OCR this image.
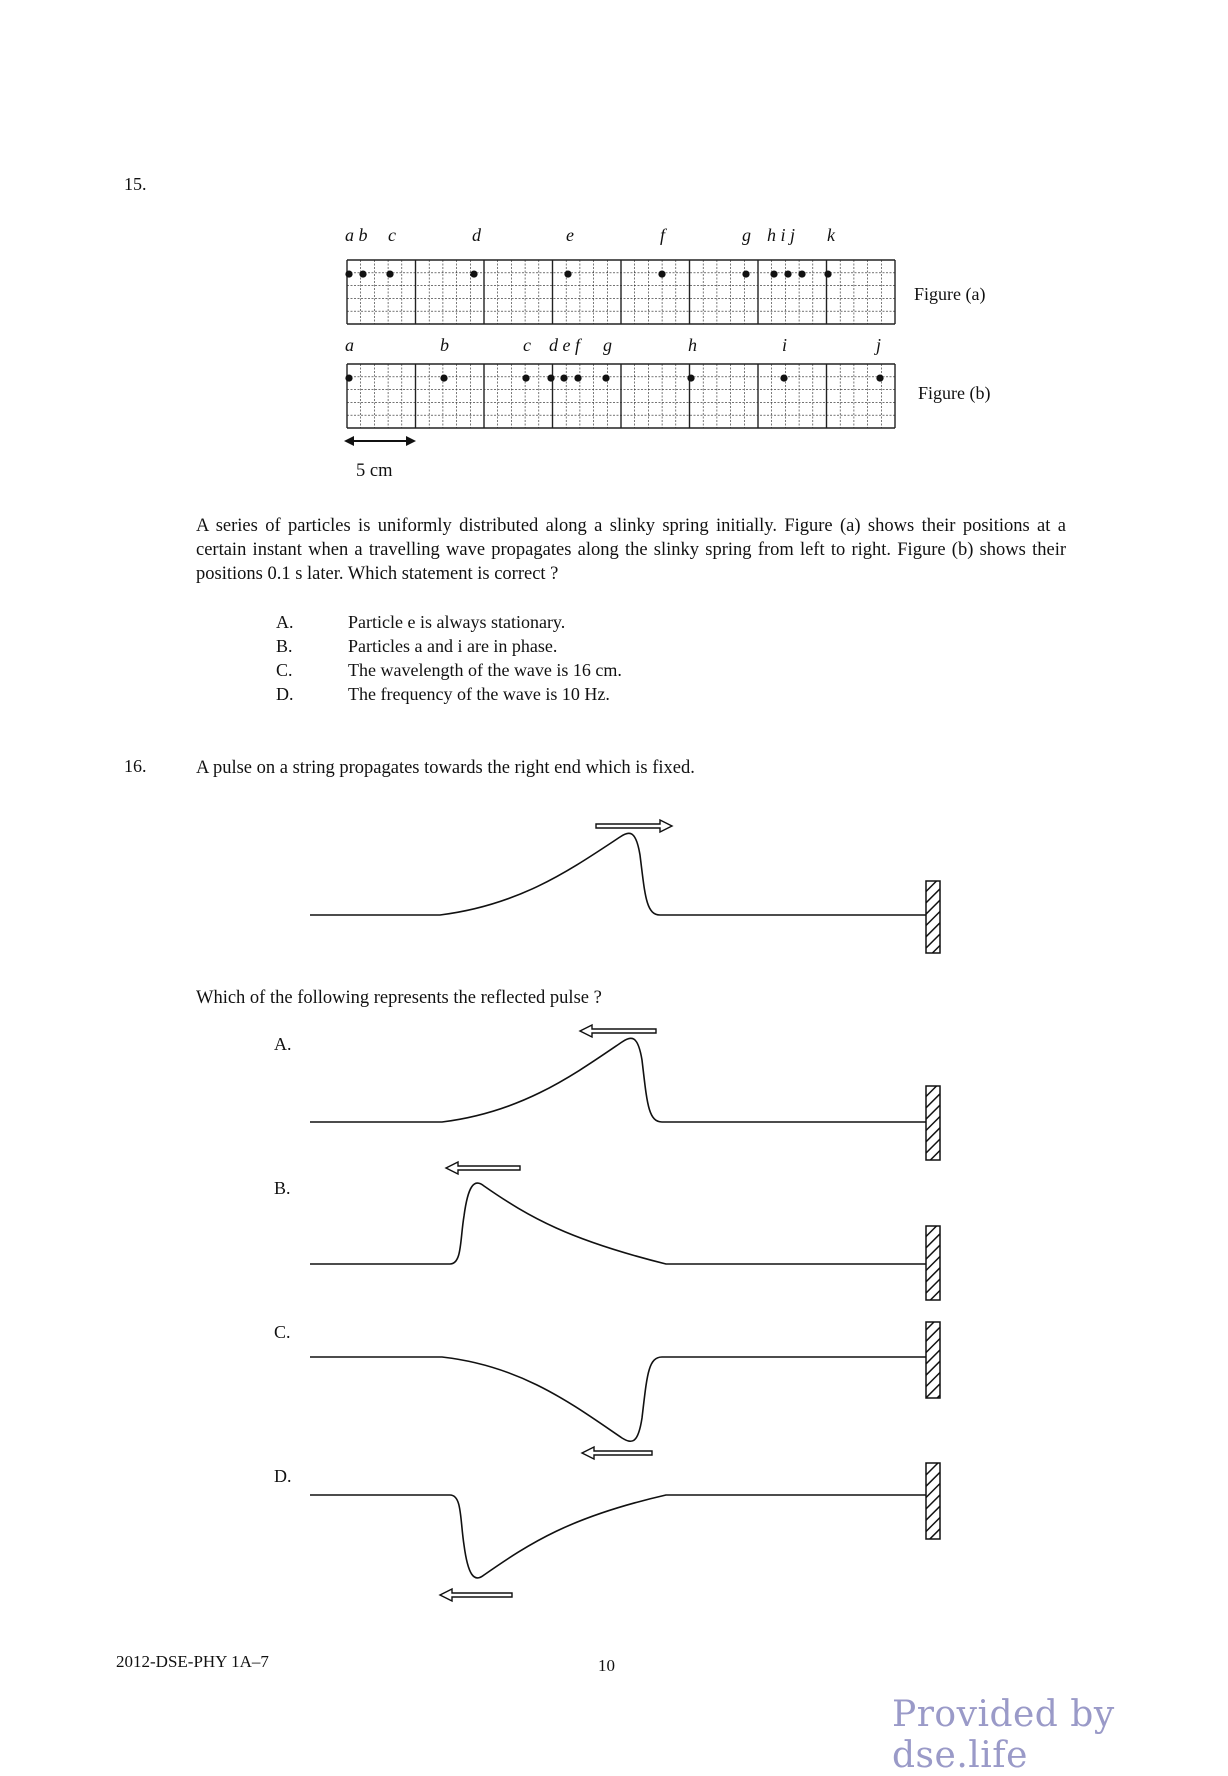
15.
a b c	d	e	f	g h i j k
Figure (a)
a	b	c d e f g	h	i	j
Figure (b)
5 cm
A series of particles is uniformly distributed along a slinky spring initially. Figure (a) shows their positions at a certain instant when a travelling wave propagates along the slinky spring from left to right. Figure (b) shows their positions 0.1 s later. Which statement is correct ?
A.	Particle e is always stationary.
B.	Particles a and i are in phase.
C.	The wavelength of the wave is 16 cm.
D.	The frequency of the wave is 10 Hz.
16.	A pulse on a string propagates towards the right end which is fixed.
Which of the following represents the reflected pulse ?
A.
B.
C.
D.
2012-DSE-PHY 1A–7	10
Provided by dse.life
